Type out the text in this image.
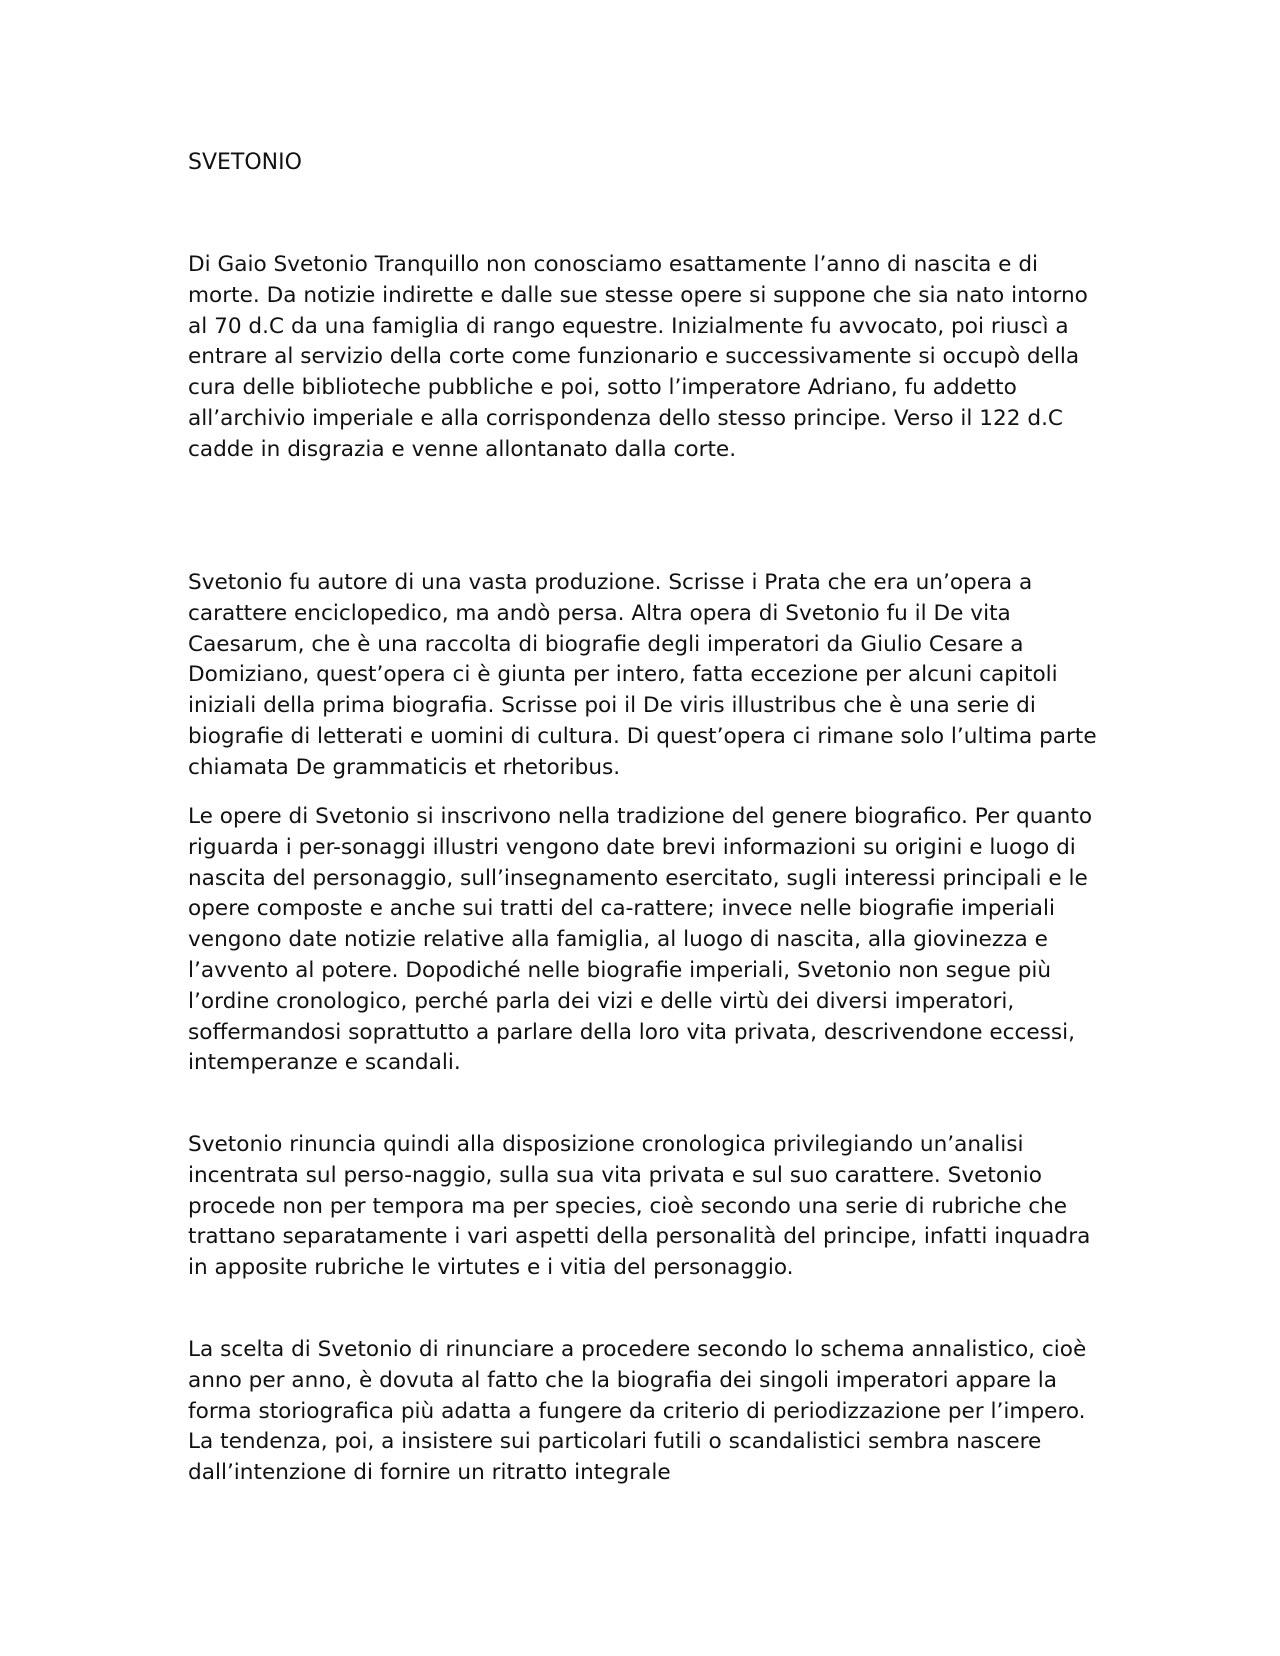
SVETONIO

Di Gaio Svetonio Tranquillo non conosciamo esattamente l’anno di nascita e di morte. Da notizie indirette e dalle sue stesse opere si suppone che sia nato intorno al 70 d.C da una famiglia di rango equestre. Inizialmente fu avvocato, poi riuscì a entrare al servizio della corte come funzionario e successivamente si occupò della cura delle biblioteche pubbliche e poi, sotto l’imperatore Adriano, fu addetto all’archivio imperiale e alla corrispondenza dello stesso principe. Verso il 122 d.C cadde in disgrazia e venne allontanato dalla corte.

Svetonio fu autore di una vasta produzione. Scrisse i Prata che era un’opera a carattere enciclopedico, ma andò persa. Altra opera di Svetonio fu il De vita Caesarum, che è una raccolta di biografie degli imperatori da Giulio Cesare a Domiziano, quest’opera ci è giunta per intero, fatta eccezione per alcuni capitoli iniziali della prima biografia. Scrisse poi il De viris illustribus che è una serie di biografie di letterati e uomini di cultura. Di quest’opera ci rimane solo l’ultima parte chiamata De grammaticis et rhetoribus.

Le opere di Svetonio si inscrivono nella tradizione del genere biografico. Per quanto riguarda i per-sonaggi illustri vengono date brevi informazioni su origini e luogo di nascita del personaggio, sull’insegnamento esercitato, sugli interessi principali e le opere composte e anche sui tratti del ca-rattere; invece nelle biografie imperiali vengono date notizie relative alla famiglia, al luogo di nascita, alla giovinezza e l’avvento al potere. Dopodiché nelle biografie imperiali, Svetonio non segue più l’ordine cronologico, perché parla dei vizi e delle virtù dei diversi imperatori, soffermandosi soprattutto a parlare della loro vita privata, descrivendone eccessi, intemperanze e scandali.

Svetonio rinuncia quindi alla disposizione cronologica privilegiando un’analisi incentrata sul perso-naggio, sulla sua vita privata e sul suo carattere. Svetonio procede non per tempora ma per species, cioè secondo una serie di rubriche che trattano separatamente i vari aspetti della personalità del principe, infatti inquadra in apposite rubriche le virtutes e i vitia del personaggio.

La scelta di Svetonio di rinunciare a procedere secondo lo schema annalistico, cioè anno per anno, è dovuta al fatto che la biografia dei singoli imperatori appare la forma storiografica più adatta a fungere da criterio di periodizzazione per l’impero. La tendenza, poi, a insistere sui particolari futili o scandalistici sembra nascere dall’intenzione di fornire un ritratto integrale
